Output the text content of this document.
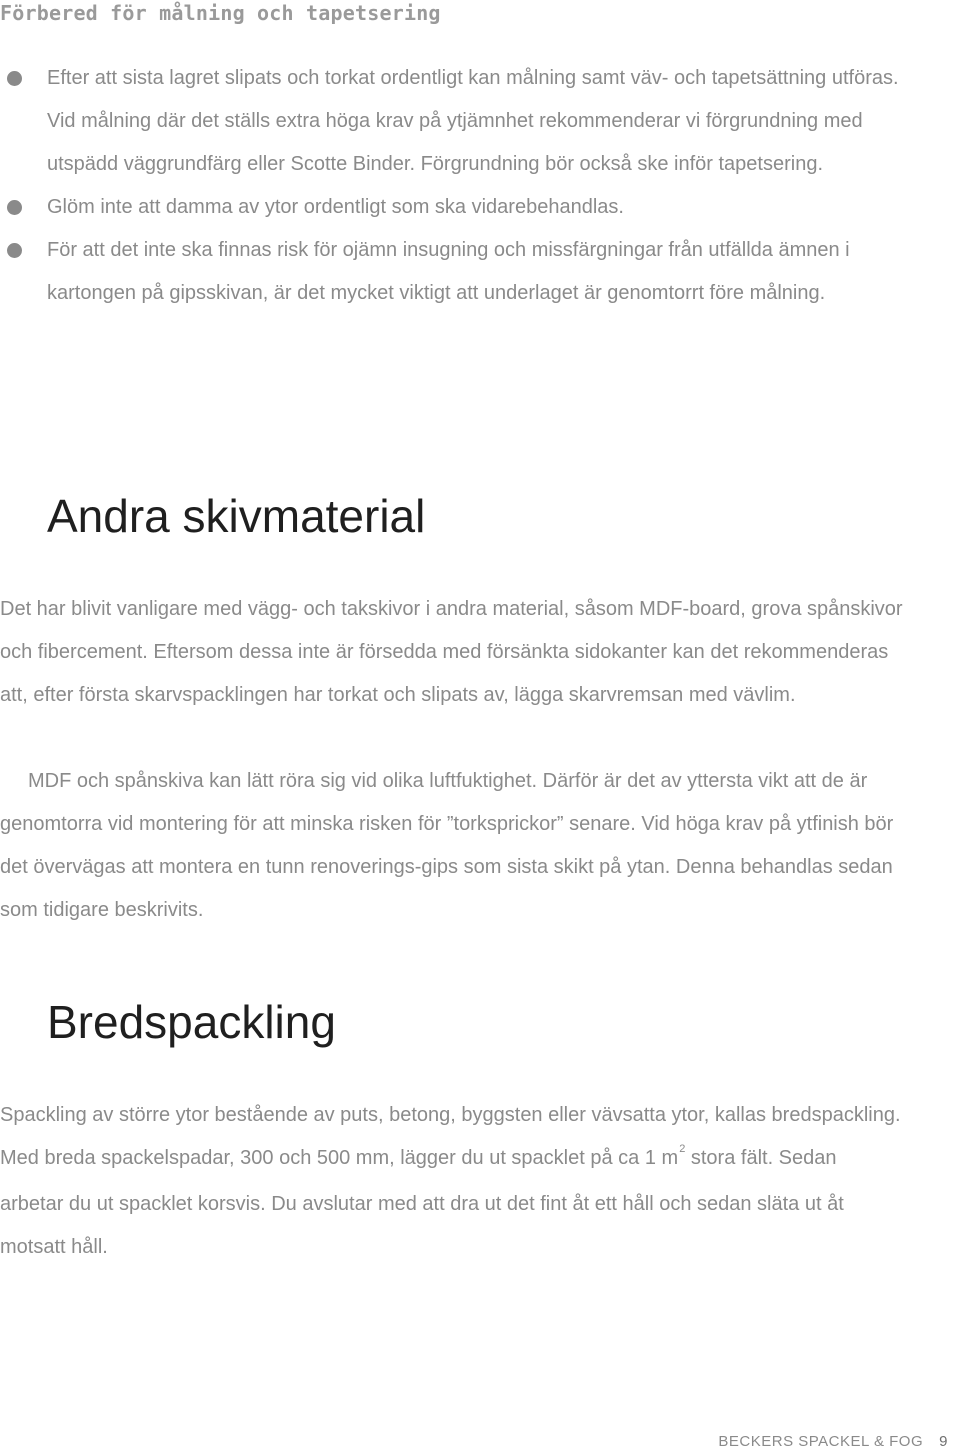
Förbered för målning och tapetsering
Efter att sista lagret slipats och torkat ordentligt kan målning samt väv- och tapetsättning utföras. Vid målning där det ställs extra höga krav på ytjämnhet rekommenderar vi förgrundning med utspädd väggrundfärg eller Scotte Binder. Förgrundning bör också ske inför tapetsering.
Glöm inte att damma av ytor ordentligt som ska vidarebehandlas.
För att det inte ska finnas risk för ojämn insugning och missfärgningar från utfällda ämnen i kartongen på gipsskivan, är det mycket viktigt att underlaget är genomtorrt före målning.
Andra skivmaterial

Det har blivit vanligare med vägg- och takskivor i andra material, såsom MDF-board, grova spånskivor och fibercement. Eftersom dessa inte är försedda med försänkta sidokanter kan det rekommenderas att, efter första skarvspacklingen har torkat och slipats av, lägga skarvremsan med vävlim.

MDF och spånskiva kan lätt röra sig vid olika luftfuktighet. Därför är det av yttersta vikt att de är genomtorra vid montering för att minska risken för ”torksprickor” senare. Vid höga krav på ytfinish bör det övervägas att montera en tunn renoverings-gips som sista skikt på ytan. Denna behandlas sedan som tidigare beskrivits.

Bredspackling

Spackling av större ytor bestående av puts, betong, byggsten eller vävsatta ytor, kallas bredspackling. Med breda spackelspadar, 300 och 500 mm, lägger du ut spacklet på ca 1 $m^2$ stora fält. Sedan arbetar du ut spacklet korsvis. Du avslutar med att dra ut det fint åt ett håll och sedan släta ut åt motsatt håll.

BECKERS SPACKEL & FOG 9
